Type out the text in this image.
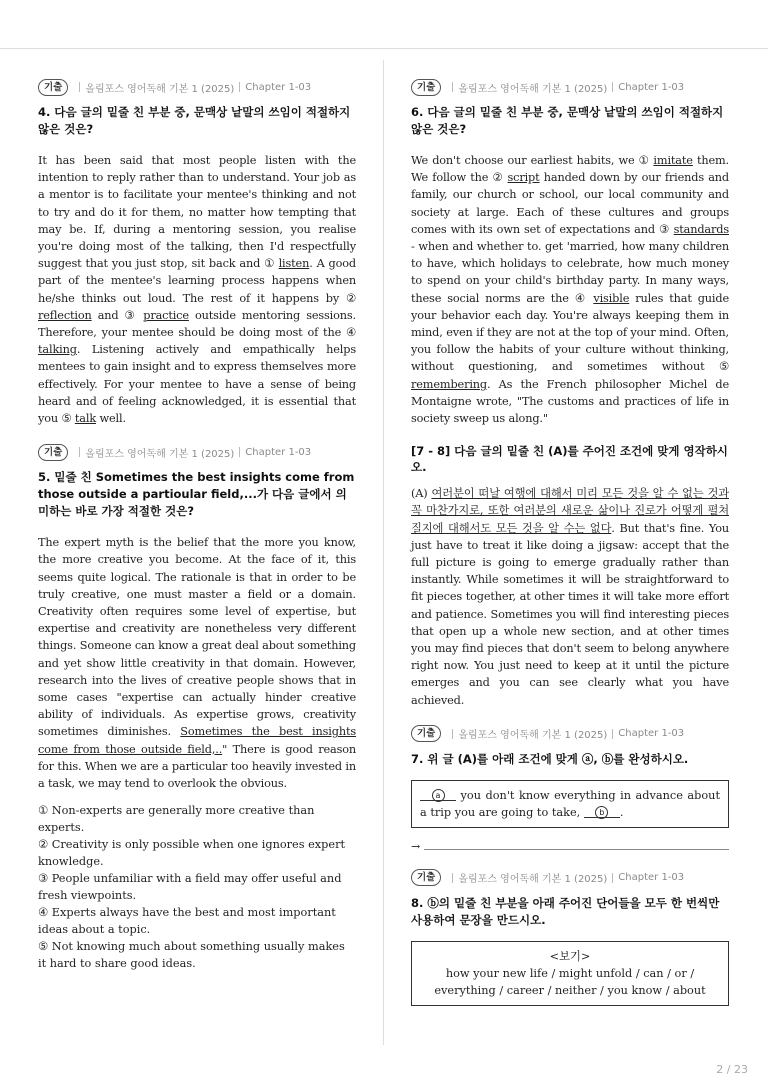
기출	올림포스 영어독해 기본 1 (2025) Chapter 1-03

4. 다음 글의 밑줄 친 부분 중, 문맥상 낱말의 쓰임이 적절하지 않은 것은?

It has been said that most people listen with the intention to reply rather than to understand. Your job as a mentor is to facilitate your mentee's thinking and not to try and do it for them, no matter how tempting that may be. If, during a mentoring session, you realise you're doing most of the talking, then I'd respectfully suggest that you just stop, sit back and ① listen. A good part of the mentee's learning process happens when he/she thinks out loud. The rest of it happens by ② reflection and ③ practice outside mentoring sessions. Therefore, your mentee should be doing most of the ④ talking. Listening actively and empathically helps mentees to gain insight and to express themselves more effectively. For your mentee to have a sense of being heard and of feeling acknowledged, it is essential that you ⑤ talk well.

기출	올림포스 영어독해 기본 1 (2025) Chapter 1-03

5. 밑줄 친 Sometimes the best insights come from those outside a partioular field,...가 다음 글에서 의미하는 바로 가장 적절한 것은?

The expert myth is the belief that the more you know, the more creative you become. At the face of it, this seems quite logical. The rationale is that in order to be truly creative, one must master a field or a domain. Creativity often requires some level of expertise, but expertise and creativity are nonetheless very different things. Someone can know a great deal about something and yet show little creativity in that domain. However, research into the lives of creative people shows that in some cases "expertise can actually hinder creative ability of individuals. As expertise grows, creativity sometimes diminishes. Sometimes the best insights come from those outside field,.." There is good reason for this. When we are a particular too heavily invested in a task, we may tend to overlook the obvious.

① Non-experts are generally more creative than experts.
② Creativity is only possible when one ignores expert knowledge.
③ People unfamiliar with a field may offer useful and fresh viewpoints.
④ Experts always have the best and most important ideas about a topic.
⑤ Not knowing much about something usually makes it hard to share good ideas.
기출	올림포스 영어독해 기본 1 (2025) Chapter 1-03

6. 다음 글의 밑줄 친 부분 중, 문맥상 낱말의 쓰임이 적절하지 않은 것은?

We don't choose our earliest habits, we ① imitate them. We follow the ② script handed down by our friends and family, our church or school, our local community and society at large. Each of these cultures and groups comes with its own set of expectations and ③ standards - when and whether to. get 'married, how many children to have, which holidays to celebrate, how much money to spend on your child's birthday party. In many ways, these social norms are the ④ visible rules that guide your behavior each day. You're always keeping them in mind, even if they are not at the top of your mind. Often, you follow the habits of your culture without thinking, without questioning, and sometimes without ⑤ remembering. As the French philosopher Michel de Montaigne wrote, "The customs and practices of life in society sweep us along."

[7 - 8] 다음 글의 밑줄 친 (A)를 주어진 조건에 맞게 영작하시오.

(A) 여러분이 떠날 여행에 대해서 미리 모든 것을 알 수 없는 것과 꼭 마찬가지로, 또한 여러분의 새로운 삶이나 진로가 어떻게 펼쳐질지에 대해서도 모든 것을 알 수는 없다. But that's fine. You just have to treat it like doing a jigsaw: accept that the full picture is going to emerge gradually rather than instantly. While sometimes it will be straightforward to fit pieces together, at other times it will take more effort and patience. Sometimes you will find interesting pieces that open up a whole new section, and at other times you may find pieces that don't seem to belong anywhere right now. You just need to keep at it until the picture emerges and you can see clearly what you have achieved.

기출	올림포스 영어독해 기본 1 (2025) Chapter 1-03

7. 위 글 (A)를 아래 조건에 맞게 ⓐ, ⓑ를 완성하시오.

a you don't know everything in advance about a trip you are going to take, b .
→
기출	올림포스 영어독해 기본 1 (2025) Chapter 1-03

8. ⓑ의 밑줄 친 부분을 아래 주어진 단어들을 모두 한 번씩만 사용하여 문장을 만드시오.

<보기>
how your new life / might unfold / can / or / everything / career / neither / you know / about
2 / 23
